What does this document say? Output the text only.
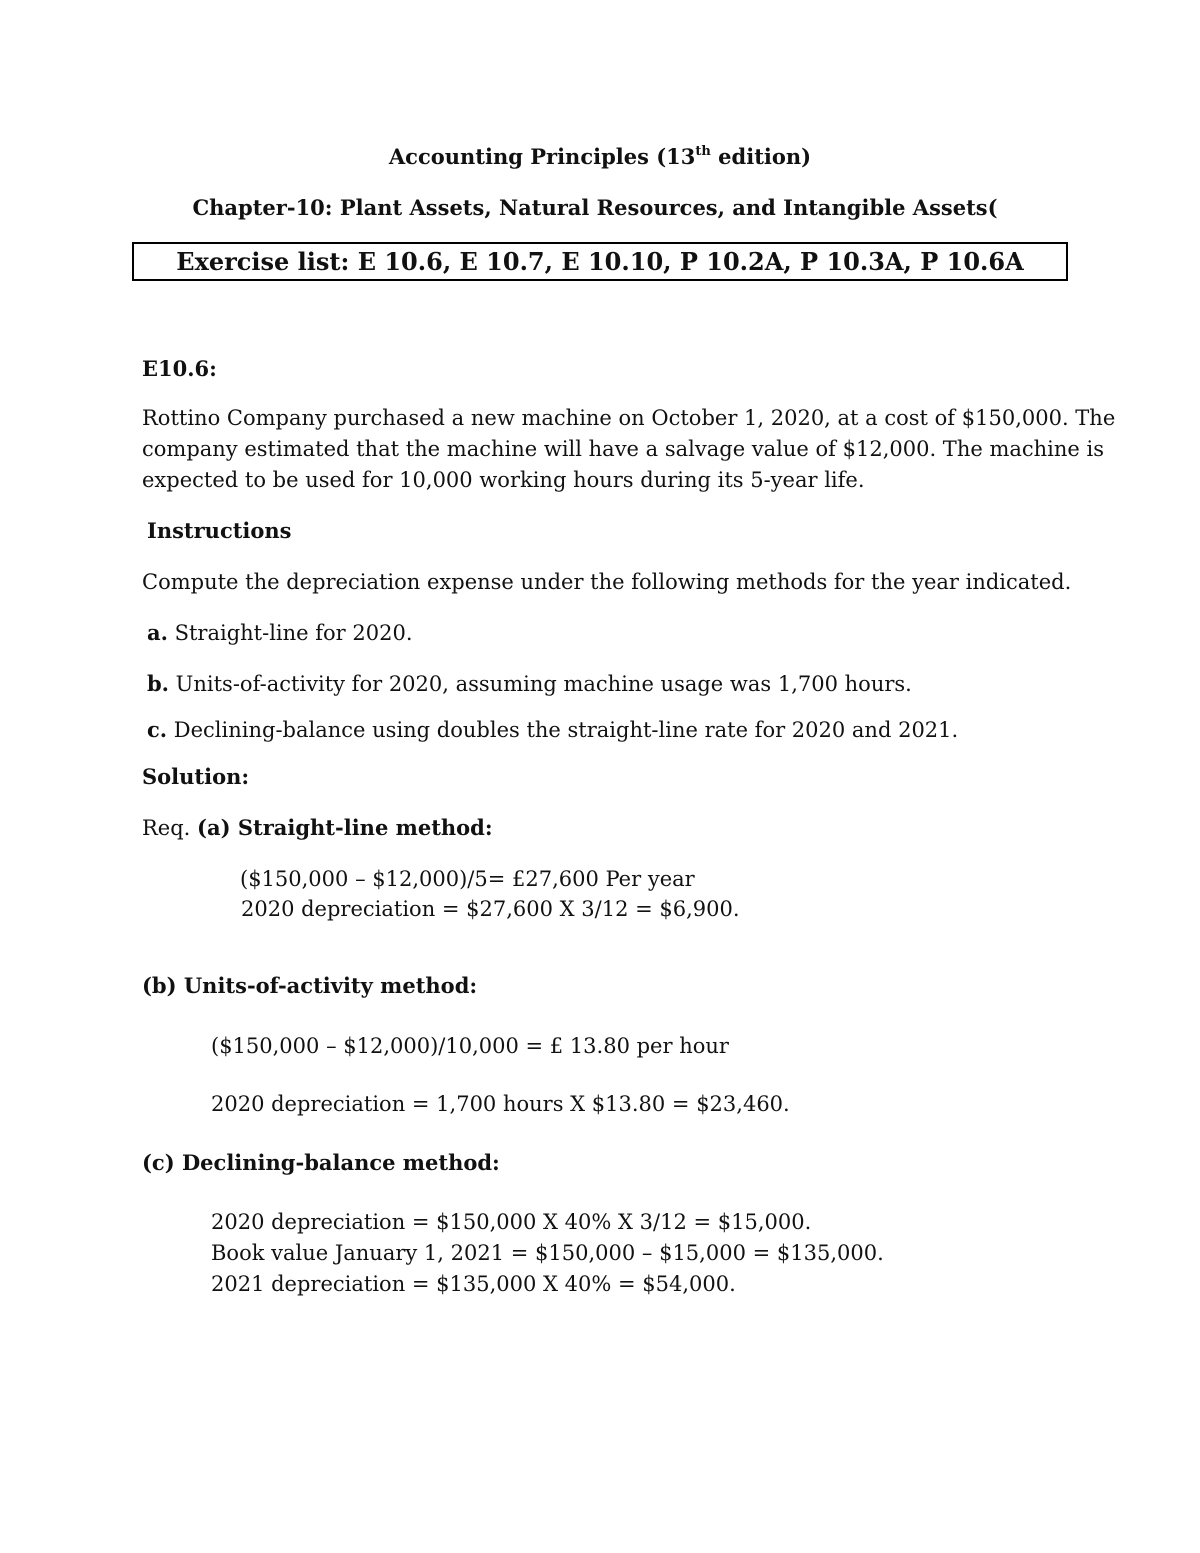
Accounting Principles (13th edition)
Chapter-10: Plant Assets, Natural Resources, and Intangible Assets(
Exercise list: E 10.6, E 10.7, E 10.10, P 10.2A, P 10.3A, P 10.6A
E10.6:
Rottino Company purchased a new machine on October 1, 2020, at a cost of $150,000. The
company estimated that the machine will have a salvage value of $12,000. The machine is
expected to be used for 10,000 working hours during its 5-year life.
Instructions
Compute the depreciation expense under the following methods for the year indicated.
a. Straight-line for 2020.
b. Units-of-activity for 2020, assuming machine usage was 1,700 hours.
c. Declining-balance using doubles the straight-line rate for 2020 and 2021.
Solution:
Req. (a) Straight-line method:
($150,000 – $12,000)/5= £27,600 Per year
2020 depreciation = $27,600 X 3/12 = $6,900.
(b) Units-of-activity method:
($150,000 – $12,000)/10,000 = £ 13.80 per hour
2020 depreciation = 1,700 hours X $13.80 = $23,460.
(c) Declining-balance method:
2020 depreciation = $150,000 X 40% X 3/12 = $15,000.
Book value January 1, 2021 = $150,000 – $15,000 = $135,000.
2021 depreciation = $135,000 X 40% = $54,000.
